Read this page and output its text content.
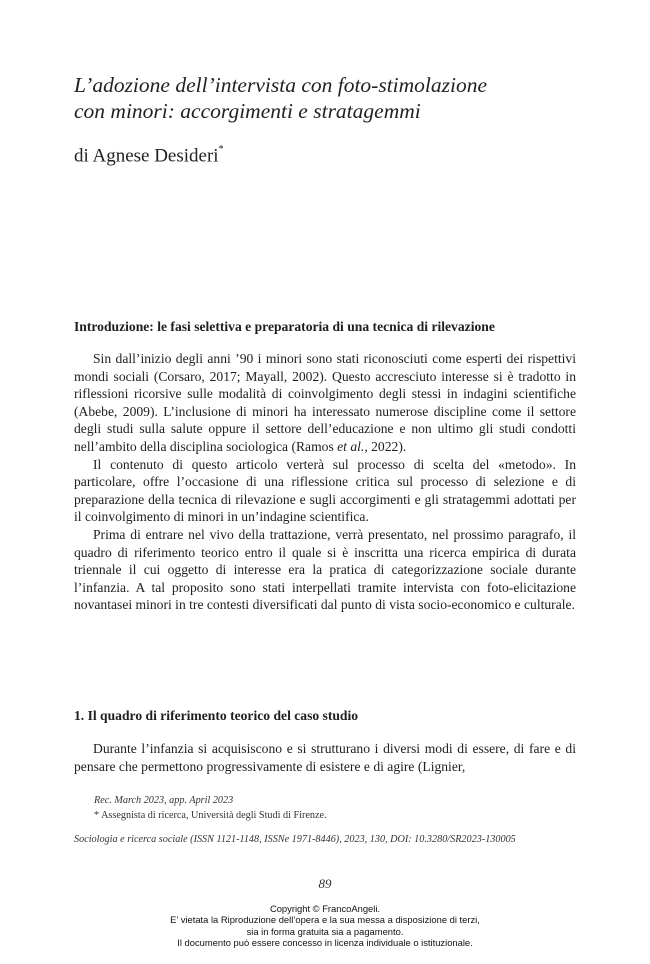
L’adozione dell’intervista con foto-stimolazione
con minori: accorgimenti e stratagemmi
di Agnese Desideri*
Introduzione: le fasi selettiva e preparatoria di una tecnica di rilevazione

Sin dall’inizio degli anni ’90 i minori sono stati riconosciuti come esperti dei rispettivi mondi sociali (Corsaro, 2017; Mayall, 2002). Questo accresciuto interesse si è tradotto in riflessioni ricorsive sulle modalità di coinvolgimento degli stessi in indagini scientifiche (Abebe, 2009). L’inclusione di minori ha interessato numerose discipline come il settore degli studi sulla salute oppure il settore dell’educazione e non ultimo gli studi condotti nell’ambito della disciplina sociologica (Ramos et al., 2022).

Il contenuto di questo articolo verterà sul processo di scelta del «metodo». In particolare, offre l’occasione di una riflessione critica sul processo di selezione e di preparazione della tecnica di rilevazione e sugli accorgimenti e gli stratagemmi adottati per il coinvolgimento di minori in un’indagine scientifica.

Prima di entrare nel vivo della trattazione, verrà presentato, nel prossimo paragrafo, il quadro di riferimento teorico entro il quale si è inscritta una ricerca empirica di durata triennale il cui oggetto di interesse era la pratica di categorizzazione sociale durante l’infanzia. A tal proposito sono stati interpellati tramite intervista con foto-elicitazione novantasei minori in tre contesti diversificati dal punto di vista socio-economico e culturale.

1. Il quadro di riferimento teorico del caso studio

Durante l’infanzia si acquisiscono e si strutturano i diversi modi di essere, di fare e di pensare che permettono progressivamente di esistere e di agire (Lignier,

Rec. March 2023, app. April 2023
* Assegnista di ricerca, Università degli Studi di Firenze.
Sociologia e ricerca sociale (ISSN 1121-1148, ISSNe 1971-8446), 2023, 130, DOI: 10.3280/SR2023-130005
89
Copyright © FrancoAngeli.
E’ vietata la Riproduzione dell’opera e la sua messa a disposizione di terzi,
sia in forma gratuita sia a pagamento.
Il documento può essere concesso in licenza individuale o istituzionale.
